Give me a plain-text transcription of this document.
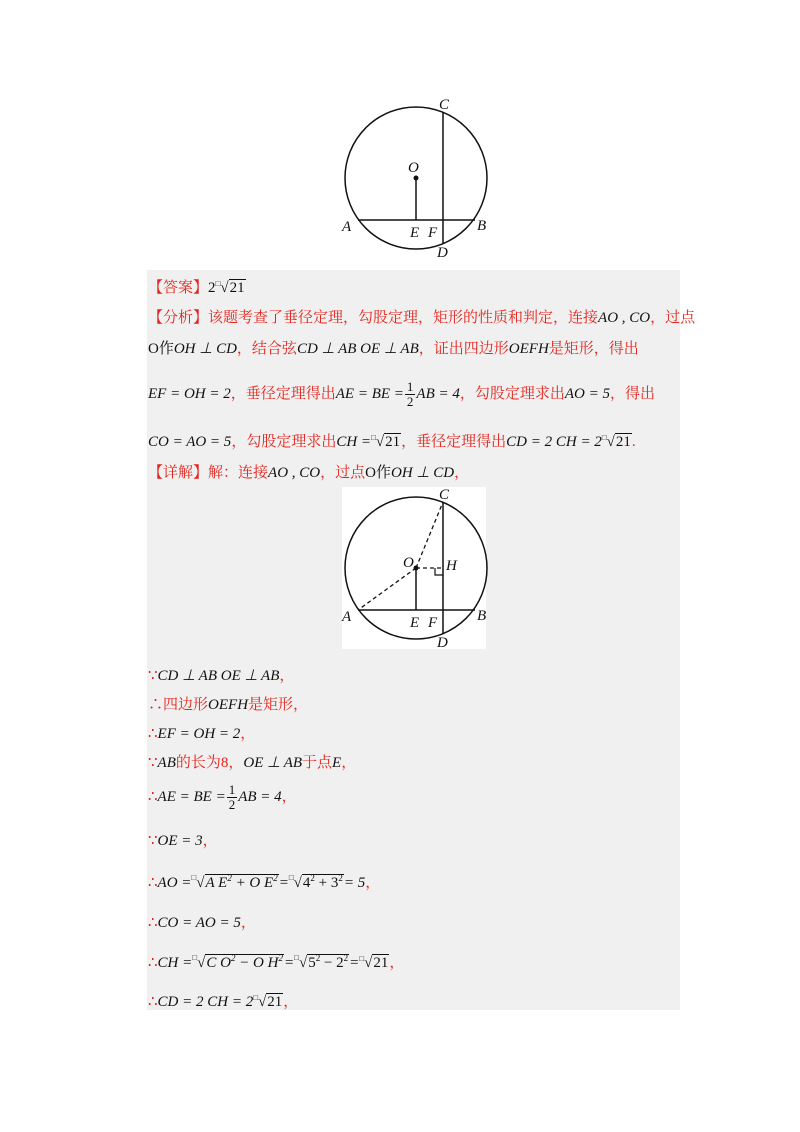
A	B
C
D
E F
O
【答案】2□√21
【分析】该题考查了垂径定理，勾股定理，矩形的性质和判定，连接AO , CO，过点
O作OH ⊥ CD，结合弦CD ⊥ AB OE ⊥ AB，证出四边形OEFH是矩形，得出
EF = OH = 2，垂径定理得出AE = BE = $\frac{1}{2}$ AB = 4，勾股定理求出AO = 5，得出
CO = AO = 5，勾股定理求出CH =□√21，垂径定理得出CD = 2 CH = 2□√21.
【详解】解：连接AO , CO，过点O作OH ⊥ CD，
A	B
C
D
E F
O H
∵CD ⊥ AB OE ⊥ AB，
∴四边形OEFH是矩形，
∴EF = OH = 2，
∵AB的长为8，OE ⊥ AB于点E，
∴AE = BE = $\frac{1}{2}$ AB = 4，
∵OE = 3，
∴AO =□√A $E^2 + O$ $E^2=^□√4^2 + 3^2= 5$，
∴CO = AO = 5，
∴CH =□√C $O^2 - O$ $H^2=^□√5^2 - 2^2=^□√21$，
∴CD = 2 CH = 2□√21，
